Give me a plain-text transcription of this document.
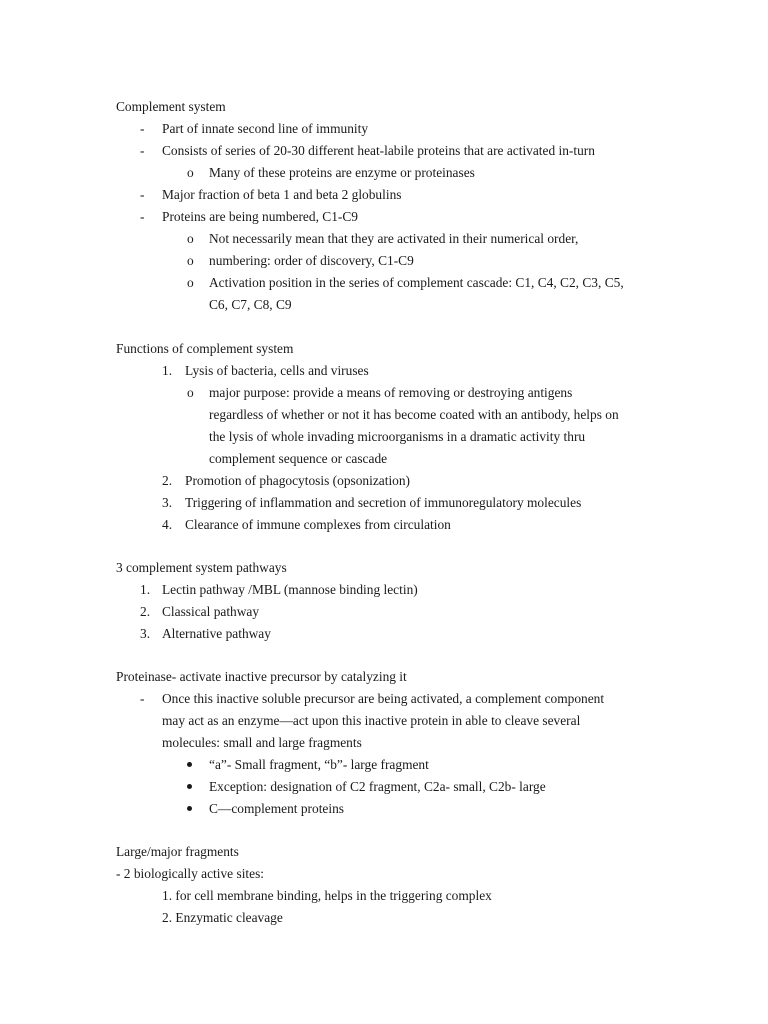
Complement system
- Part of innate second line of immunity
- Consists of series of 20-30 different heat-labile proteins that are activated in-turn
o Many of these proteins are enzyme or proteinases
- Major fraction of beta 1 and beta 2 globulins
- Proteins are being numbered, C1-C9
o Not necessarily mean that they are activated in their numerical order,
o numbering: order of discovery, C1-C9
o Activation position in the series of complement cascade: C1, C4, C2, C3, C5,
C6, C7, C8, C9
Functions of complement system
1. Lysis of bacteria, cells and viruses
o major purpose: provide a means of removing or destroying antigens
regardless of whether or not it has become coated with an antibody, helps on
the lysis of whole invading microorganisms in a dramatic activity thru
complement sequence or cascade
2. Promotion of phagocytosis (opsonization)
3. Triggering of inflammation and secretion of immunoregulatory molecules
4. Clearance of immune complexes from circulation
3 complement system pathways
1. Lectin pathway /MBL (mannose binding lectin)
2. Classical pathway
3. Alternative pathway
Proteinase- activate inactive precursor by catalyzing it
- Once this inactive soluble precursor are being activated, a complement component
may act as an enzyme—act upon this inactive protein in able to cleave several
molecules: small and large fragments
“a”- Small fragment, “b”- large fragment
Exception: designation of C2 fragment, C2a- small, C2b- large
C—complement proteins
Large/major fragments
- 2 biologically active sites:
1. for cell membrane binding, helps in the triggering complex
2. Enzymatic cleavage
